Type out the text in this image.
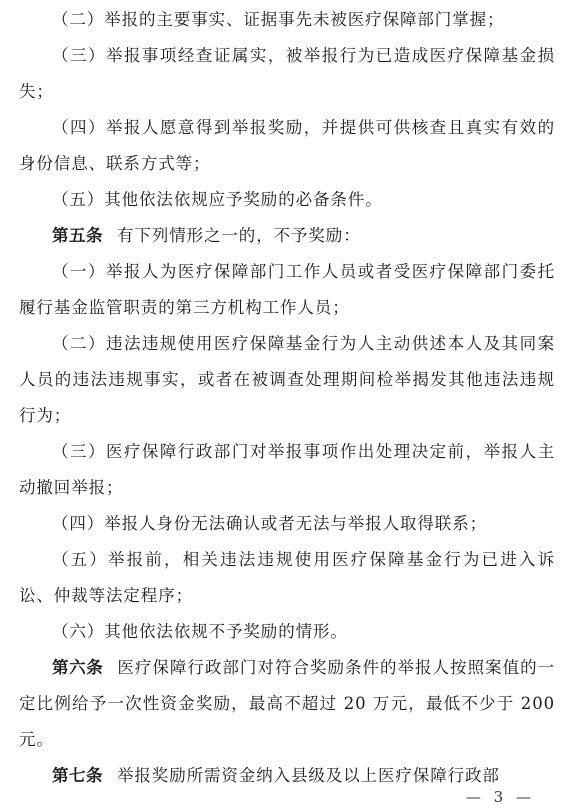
（二）举报的主要事实、证据事先未被医疗保障部门掌握；

（三）举报事项经查证属实，被举报行为已造成医疗保障基金损失；

（四）举报人愿意得到举报奖励，并提供可供核查且真实有效的身份信息、联系方式等；

（五）其他依法依规应予奖励的必备条件。

第五条 有下列情形之一的，不予奖励：

（一）举报人为医疗保障部门工作人员或者受医疗保障部门委托履行基金监管职责的第三方机构工作人员；

（二）违法违规使用医疗保障基金行为人主动供述本人及其同案人员的违法违规事实，或者在被调查处理期间检举揭发其他违法违规行为；

（三）医疗保障行政部门对举报事项作出处理决定前，举报人主动撤回举报；

（四）举报人身份无法确认或者无法与举报人取得联系；

（五）举报前，相关违法违规使用医疗保障基金行为已进入诉讼、仲裁等法定程序；

（六）其他依法依规不予奖励的情形。

第六条 医疗保障行政部门对符合奖励条件的举报人按照案值的一定比例给予一次性资金奖励，最高不超过 20 万元，最低不少于 200 元。

第七条 举报奖励所需资金纳入县级及以上医疗保障行政部

— 3 —
